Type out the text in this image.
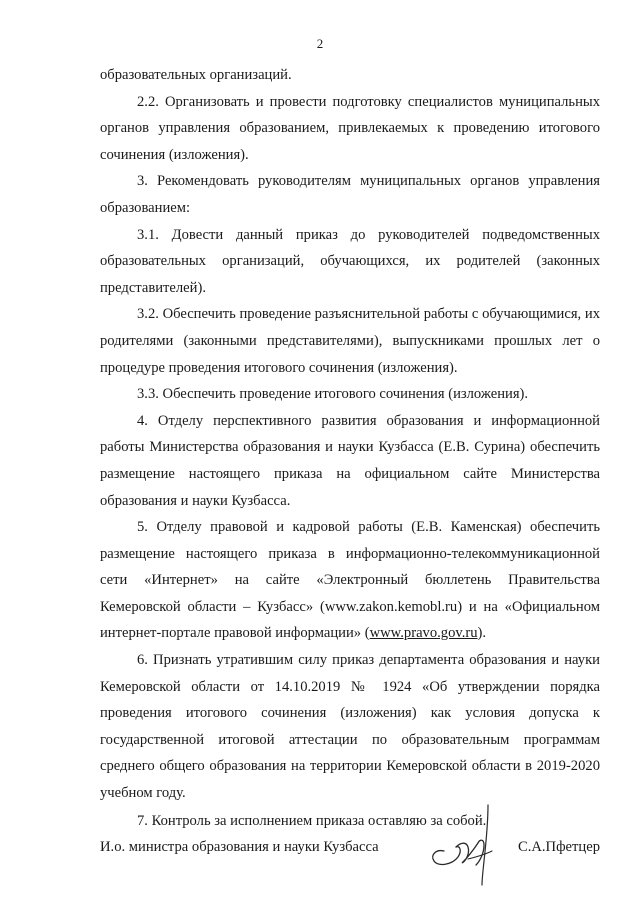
2

образовательных организаций.

2.2. Организовать и провести подготовку специалистов муниципальных органов управления образованием, привлекаемых к проведению итогового сочинения (изложения).

3. Рекомендовать руководителям муниципальных органов управления образованием:

3.1. Довести данный приказ до руководителей подведомственных образовательных организаций, обучающихся, их родителей (законных представителей).

3.2. Обеспечить проведение разъяснительной работы с обучающимися, их родителями (законными представителями), выпускниками прошлых лет о процедуре проведения итогового сочинения (изложения).

3.3. Обеспечить проведение итогового сочинения (изложения).

4. Отделу перспективного развития образования и информационной работы Министерства образования и науки Кузбасса (Е.В. Сурина) обеспечить размещение настоящего приказа на официальном сайте Министерства образования и науки Кузбасса.

5. Отделу правовой и кадровой работы (Е.В. Каменская) обеспечить размещение настоящего приказа в информационно-телекоммуникационной сети «Интернет» на сайте «Электронный бюллетень Правительства Кемеровской области – Кузбасс» (www.zakon.kemobl.ru) и на «Официальном интернет-портале правовой информации» (www.pravo.gov.ru).

6. Признать утратившим силу приказ департамента образования и науки Кемеровской области от 14.10.2019 № 1924 «Об утверждении порядка проведения итогового сочинения (изложения) как условия допуска к государственной итоговой аттестации по образовательным программам среднего общего образования на территории Кемеровской области в 2019-2020 учебном году.

7. Контроль за исполнением приказа оставляю за собой.

И.о. министра образования и науки Кузбасса	С.А.Пфетцер
